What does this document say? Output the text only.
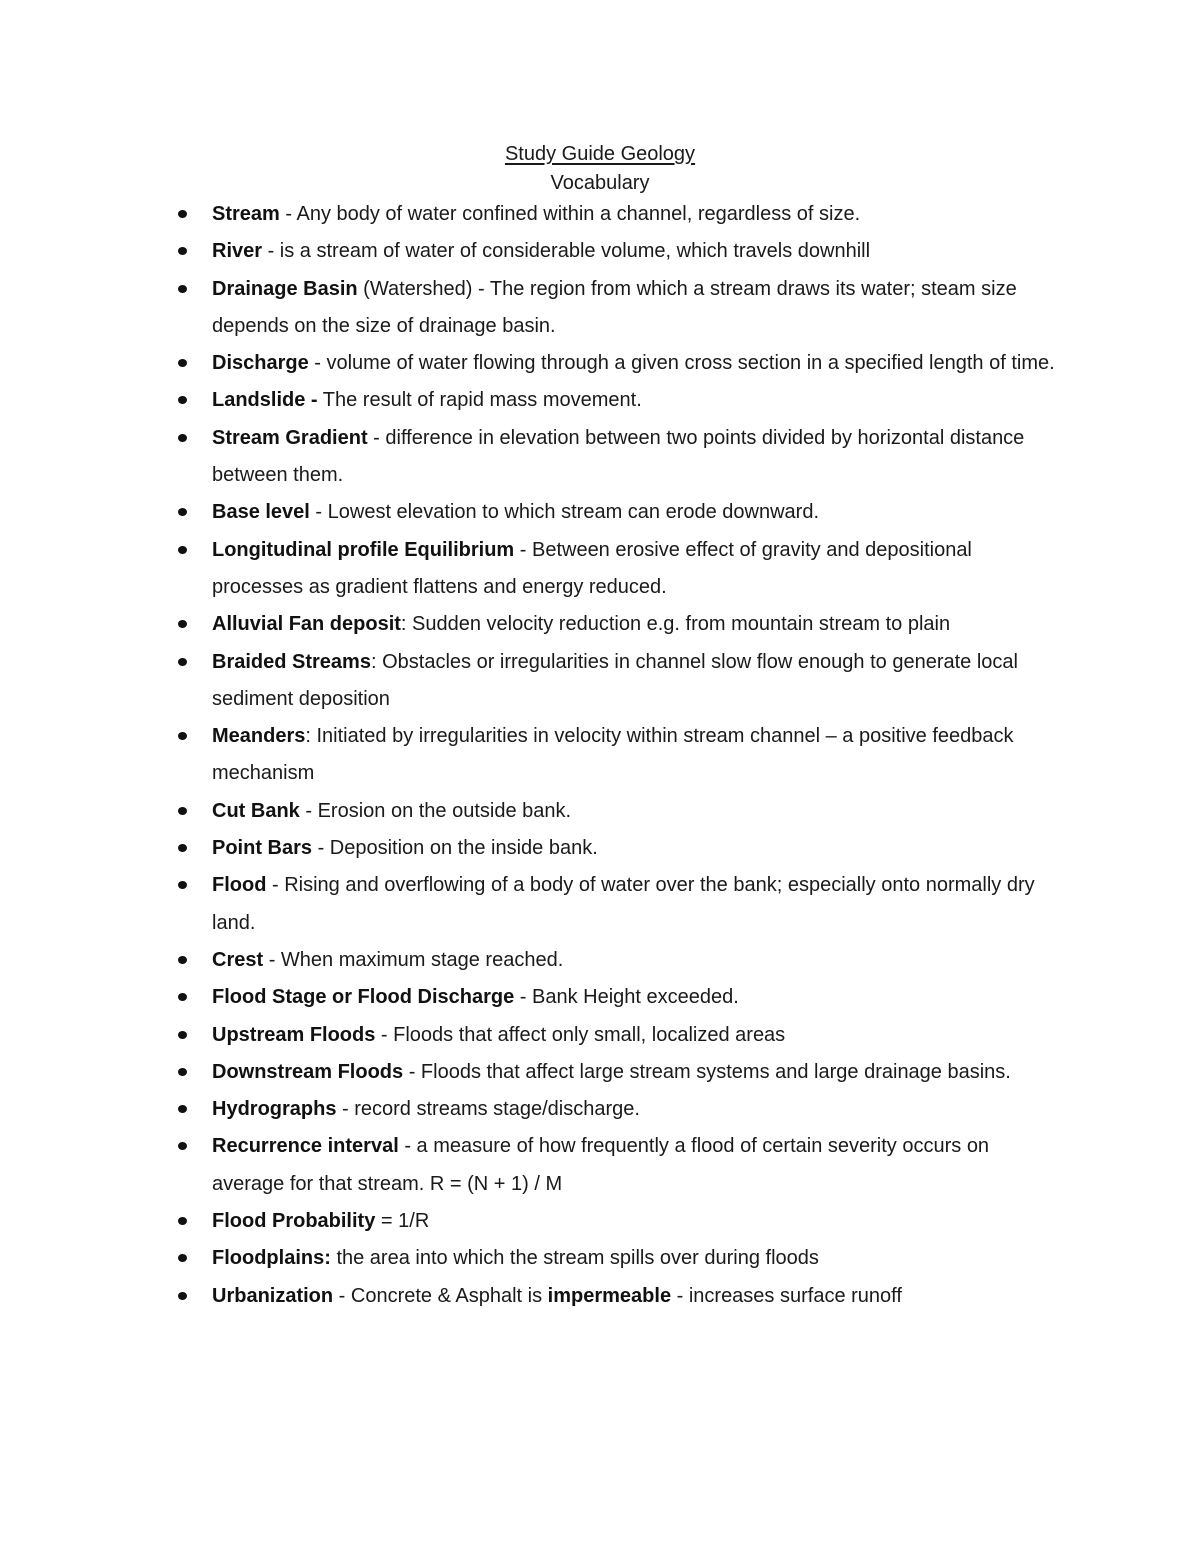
Study Guide Geology
Vocabulary
Stream - Any body of water confined within a channel, regardless of size.
River - is a stream of water of considerable volume, which travels downhill
Drainage Basin (Watershed) - The region from which a stream draws its water; steam size depends on the size of drainage basin.
Discharge - volume of water flowing through a given cross section in a specified length of time.
Landslide - The result of rapid mass movement.
Stream Gradient - difference in elevation between two points divided by horizontal distance between them.
Base level - Lowest elevation to which stream can erode downward.
Longitudinal profile Equilibrium - Between erosive effect of gravity and depositional processes as gradient flattens and energy reduced.
Alluvial Fan deposit: Sudden velocity reduction e.g. from mountain stream to plain
Braided Streams: Obstacles or irregularities in channel slow flow enough to generate local sediment deposition
Meanders: Initiated by irregularities in velocity within stream channel – a positive feedback mechanism
Cut Bank - Erosion on the outside bank.
Point Bars - Deposition on the inside bank.
Flood - Rising and overflowing of a body of water over the bank; especially onto normally dry land.
Crest - When maximum stage reached.
Flood Stage or Flood Discharge - Bank Height exceeded.
Upstream Floods - Floods that affect only small, localized areas
Downstream Floods - Floods that affect large stream systems and large drainage basins.
Hydrographs - record streams stage/discharge.
Recurrence interval - a measure of how frequently a flood of certain severity occurs on average for that stream. R = (N + 1) / M
Flood Probability = 1/R
Floodplains: the area into which the stream spills over during floods
Urbanization - Concrete & Asphalt is impermeable - increases surface runoff
